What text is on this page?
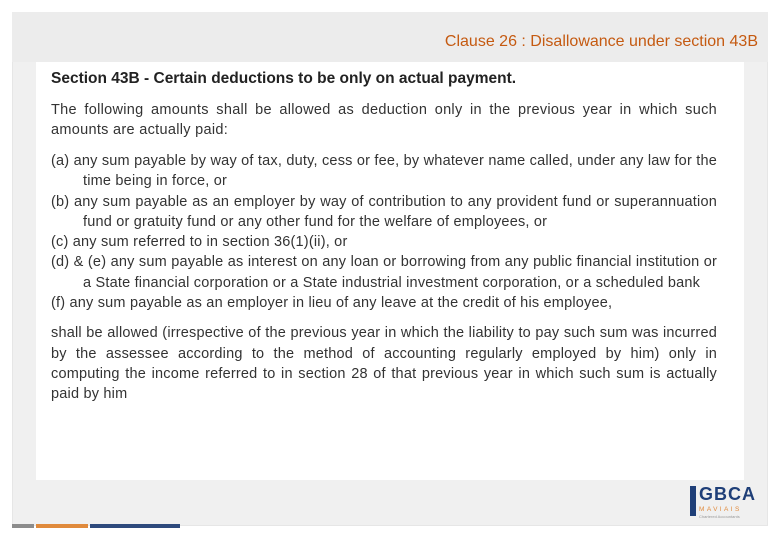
Clause 26 : Disallowance under section 43B

Section 43B - Certain deductions to be only on actual payment.

The following amounts shall be allowed as deduction only in the previous year in which such amounts are actually paid:

(a) any sum payable by way of tax, duty, cess or fee, by whatever name called, under any law for the time being in force, or
(b) any sum payable as an employer by way of contribution to any provident fund or superannuation fund or gratuity fund or any other fund for the welfare of employees, or
(c) any sum referred to in section 36(1)(ii), or
(d) & (e) any sum payable as interest on any loan or borrowing from any public financial institution or a State financial corporation or a State industrial investment corporation, or a scheduled bank
(f) any sum payable as an employer in lieu of any leave at the credit of his employee,

shall be allowed (irrespective of the previous year in which the liability to pay such sum was incurred by the assessee according to the method of accounting regularly employed by him) only in computing the income referred to in section 28 of that previous year in which such sum is actually paid by him

GBCA
MAVIAIS
Chartered Accountants
